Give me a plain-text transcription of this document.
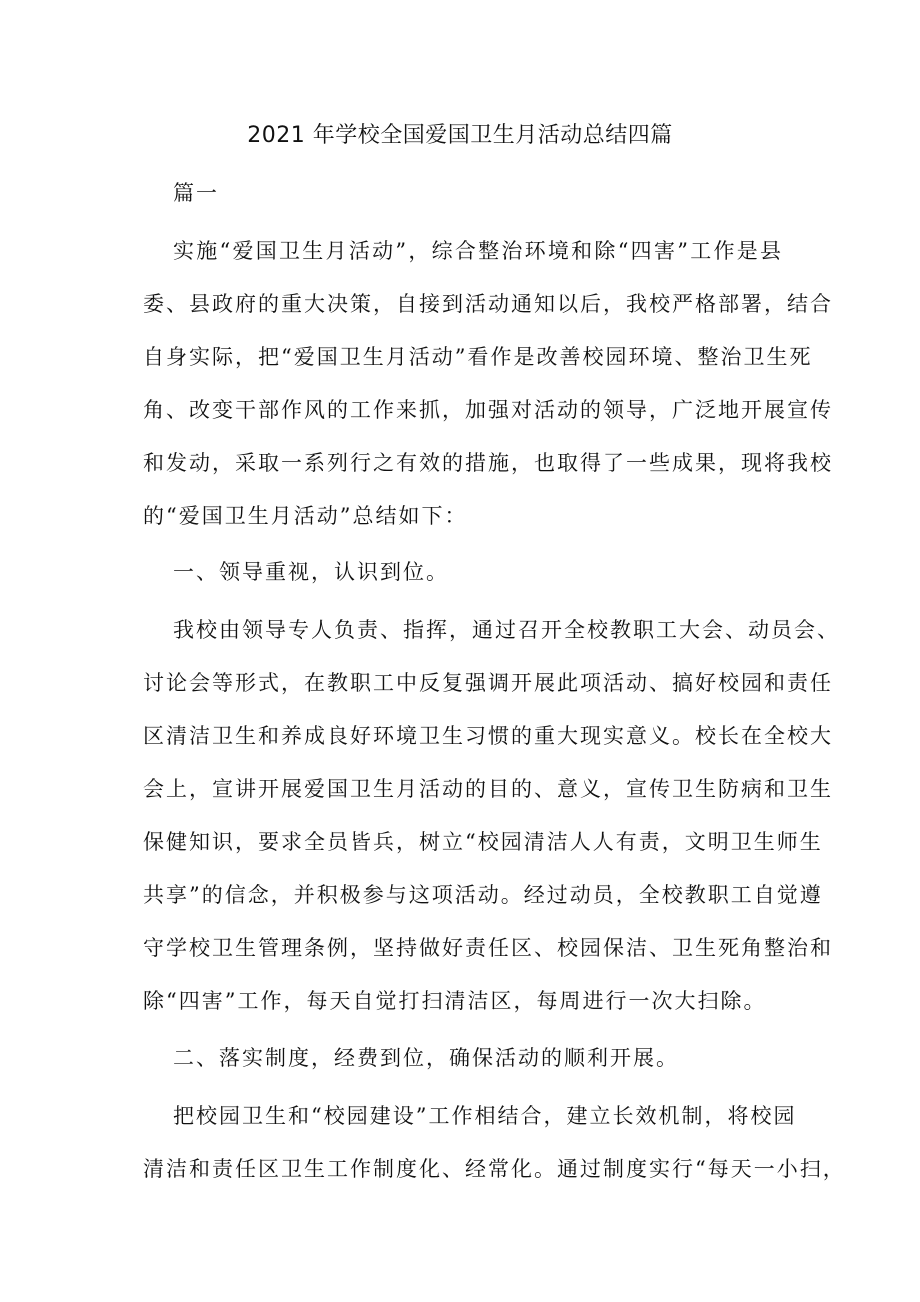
2021 年学校全国爱国卫生月活动总结四篇
篇一
实施“爱国卫生月活动”，综合整治环境和除“四害”工作是县
委、县政府的重大决策，自接到活动通知以后，我校严格部署，结合
自身实际，把“爱国卫生月活动”看作是改善校园环境、整治卫生死
角、改变干部作风的工作来抓，加强对活动的领导，广泛地开展宣传
和发动，采取一系列行之有效的措施，也取得了一些成果，现将我校
的“爱国卫生月活动”总结如下：
一、领导重视，认识到位。
我校由领导专人负责、指挥，通过召开全校教职工大会、动员会、
讨论会等形式，在教职工中反复强调开展此项活动、搞好校园和责任
区清洁卫生和养成良好环境卫生习惯的重大现实意义。校长在全校大
会上，宣讲开展爱国卫生月活动的目的、意义，宣传卫生防病和卫生
保健知识，要求全员皆兵，树立“校园清洁人人有责，文明卫生师生
共享”的信念，并积极参与这项活动。经过动员，全校教职工自觉遵
守学校卫生管理条例，坚持做好责任区、校园保洁、卫生死角整治和
除“四害”工作，每天自觉打扫清洁区，每周进行一次大扫除。
二、落实制度，经费到位，确保活动的顺利开展。
把校园卫生和“校园建设”工作相结合，建立长效机制，将校园
清洁和责任区卫生工作制度化、经常化。通过制度实行“每天一小扫，
